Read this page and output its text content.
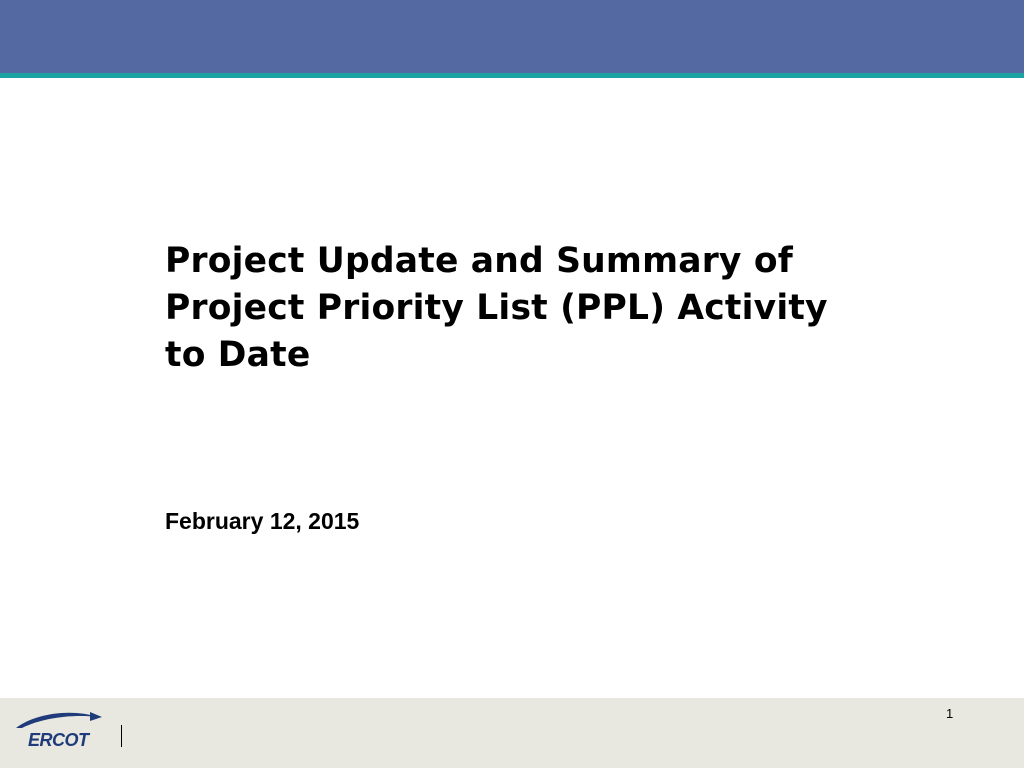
Project Update and Summary of
Project Priority List (PPL) Activity
to Date

February 12, 2015

ERCOT
1
